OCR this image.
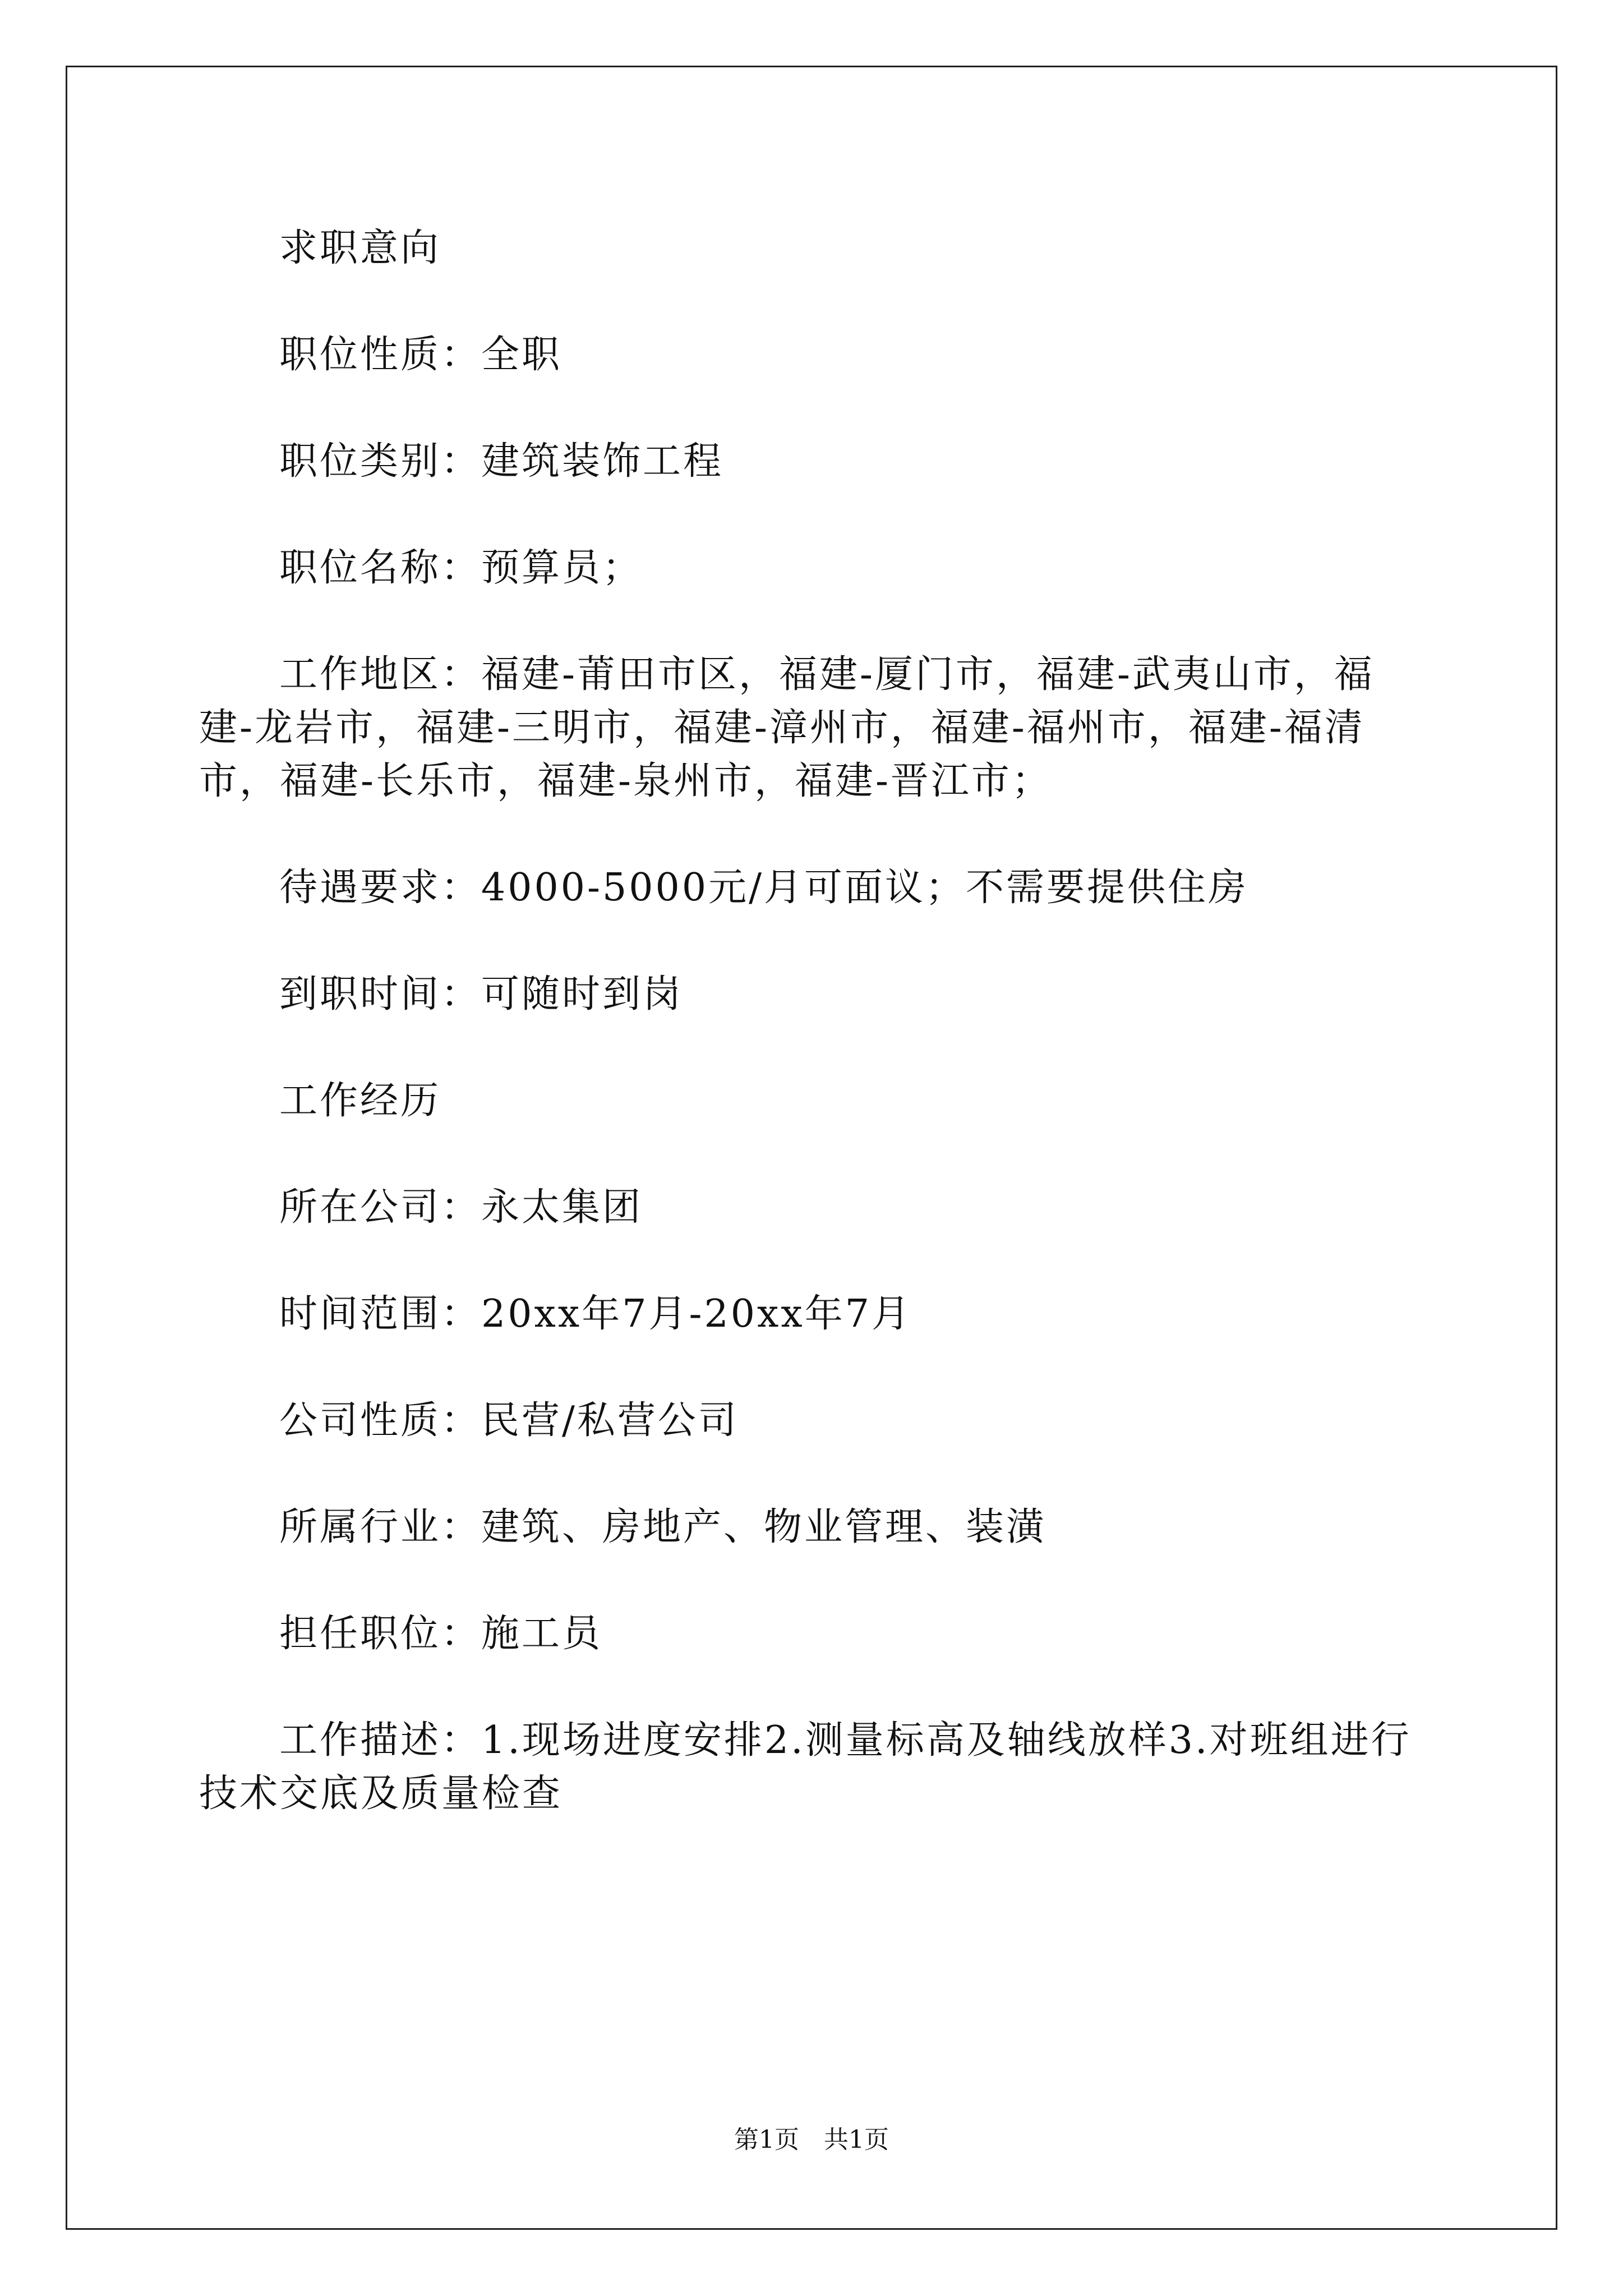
求职意向

职位性质：全职

职位类别：建筑装饰工程

职位名称：预算员；

工作地区：福建-莆田市区，福建-厦门市，福建-武夷山市，福建-龙岩市，福建-三明市，福建-漳州市，福建-福州市，福建-福清市，福建-长乐市，福建-泉州市，福建-晋江市；

待遇要求：4000-5000元/月可面议；不需要提供住房

到职时间：可随时到岗

工作经历

所在公司：永太集团

时间范围：20xx年7月-20xx年7月

公司性质：民营/私营公司

所属行业：建筑、房地产、物业管理、装潢

担任职位：施工员

工作描述：1.现场进度安排2.测量标高及轴线放样3.对班组进行技术交底及质量检查

第1页　共1页
